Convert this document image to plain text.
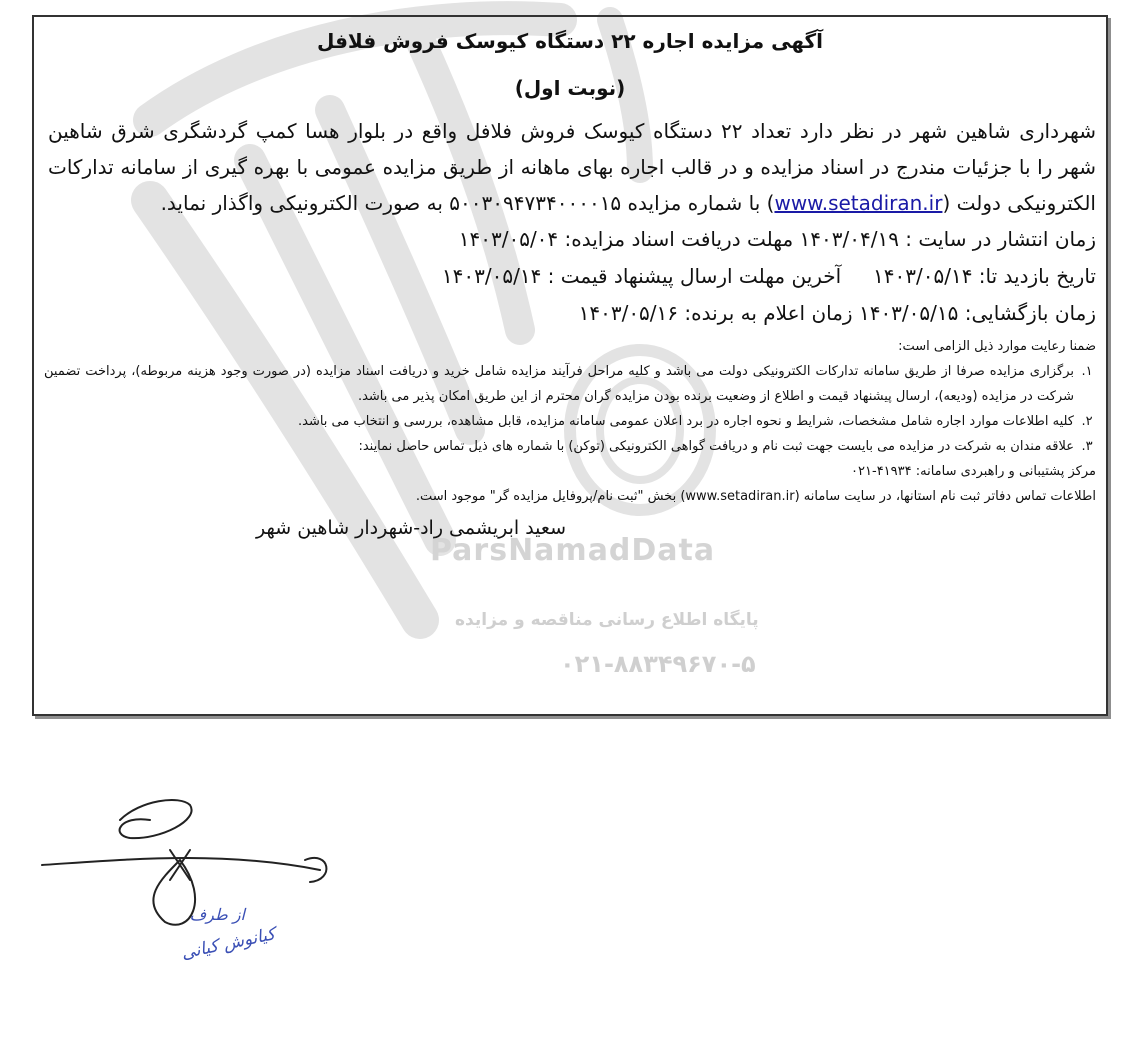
ParsNamadData
پایگاه اطلاع رسانی مناقصه و مزایده
۰۲۱-۸۸۳۴۹۶۷۰-۵
آگهی مزایده اجاره ۲۲ دستگاه کیوسک فروش فلافل
(نوبت اول)
شهرداری شاهین شهر در نظر دارد تعداد ۲۲ دستگاه کیوسک فروش فلافل واقع در بلوار هسا کمپ گردشگری شرق شاهین شهر را با جزئیات مندرج در اسناد مزایده و در قالب اجاره بهای ماهانه از طریق مزایده عمومی با بهره گیری از سامانه تدارکات الکترونیکی دولت (www.setadiran.ir) با شماره مزایده ۵۰۰۳۰۹۴۷۳۴۰۰۰۰۱۵ به صورت الکترونیکی واگذار نماید.
زمان انتشار در سایت : ۱۴۰۳/۰۴/۱۹ مهلت دریافت اسناد مزایده: ۱۴۰۳/۰۵/۰۴
تاریخ بازدید تا: ۱۴۰۳/۰۵/۱۴     آخرین مهلت ارسال پیشنهاد قیمت : ۱۴۰۳/۰۵/۱۴
زمان بازگشایی: ۱۴۰۳/۰۵/۱۵ زمان اعلام به برنده: ۱۴۰۳/۰۵/۱۶
ضمنا رعایت موارد ذیل الزامی است:
۱.
برگزاری مزایده صرفا از طریق سامانه تدارکات الکترونیکی دولت می باشد و کلیه مراحل فرآیند مزایده شامل خرید و دریافت اسناد مزایده (در صورت وجود هزینه مربوطه)، پرداخت تضمین شرکت در مزایده (ودیعه)، ارسال پیشنهاد قیمت و اطلاع از وضعیت برنده بودن مزایده گران محترم از این طریق امکان پذیر می باشد.
۲.
کلیه اطلاعات موارد اجاره شامل مشخصات، شرایط و نحوه اجاره در برد اعلان عمومی سامانه مزایده، قابل مشاهده، بررسی و انتخاب می باشد.
۳.
علاقه مندان به شرکت در مزایده می بایست جهت ثبت نام و دریافت گواهی الکترونیکی (توکن) با شماره های ذیل تماس حاصل نمایند:
مرکز پشتیبانی و راهبردی سامانه: ۴۱۹۳۴-۰۲۱
اطلاعات تماس دفاتر ثبت نام استانها، در سایت سامانه (www.setadiran.ir) بخش "ثبت نام/پروفایل مزایده گر" موجود است.
سعید ابریشمی راد-شهردار شاهین شهر
از طرف
کیانوش کیانی
